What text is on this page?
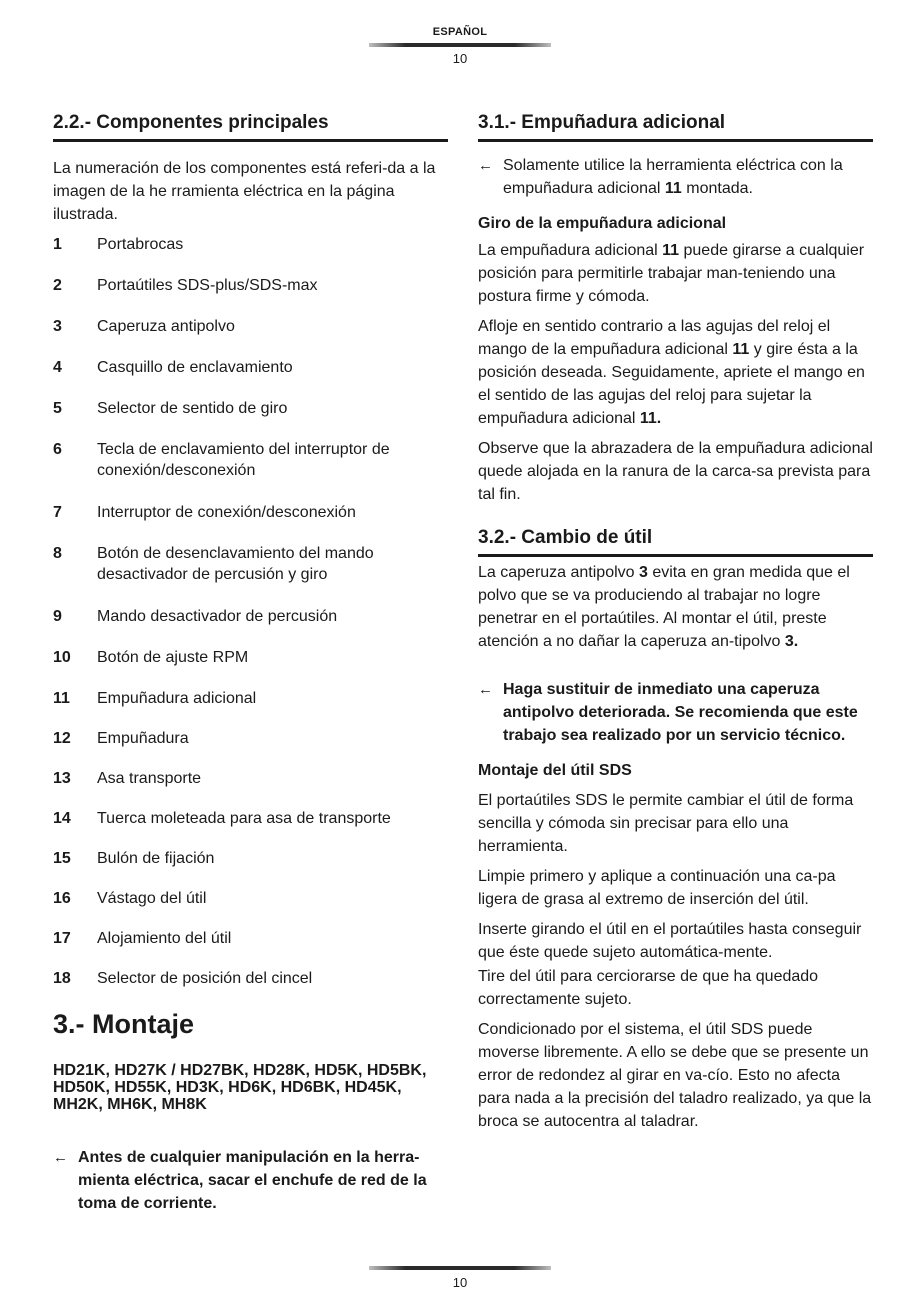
ESPAÑOL
10
2.2.- Componentes principales

La numeración de los componentes está referi-da a la imagen de la he rramienta eléctrica en la página ilustrada.

1	Portabrocas
2	Portaútiles SDS-plus/SDS-max
3	Caperuza antipolvo
4	Casquillo de enclavamiento
5	Selector de sentido de giro
6	Tecla de enclavamiento del interruptor de conexión/desconexión
7	Interruptor de conexión/desconexión
8	Botón de desenclavamiento del mando desactivador de percusión y giro
9	Mando desactivador de percusión
10	Botón de ajuste RPM
11	Empuñadura adicional
12	Empuñadura
13	Asa transporte
14	Tuerca moleteada para asa de transporte
15	Bulón de fijación
16	Vástago del útil
17	Alojamiento del útil
18	Selector de posición del cincel
3.- Montaje
HD21K, HD27K / HD27BK, HD28K, HD5K, HD5BK, HD50K, HD55K, HD3K, HD6K, HD6BK, HD45K, MH2K, MH6K, MH8K
← Antes de cualquier manipulación en la herra-mienta eléctrica, sacar el enchufe de red de la toma de corriente.
3.1.- Empuñadura adicional
← Solamente utilice la herramienta eléctrica con la empuñadura adicional 11 montada.
Giro de la empuñadura adicional

La empuñadura adicional 11 puede girarse a cualquier posición para permitirle trabajar man-teniendo una postura firme y cómoda.

Afloje en sentido contrario a las agujas del reloj el mango de la empuñadura adicional 11 y gire ésta a la posición deseada. Seguidamente, apriete el mango en el sentido de las agujas del reloj para sujetar la empuñadura adicional 11.

Observe que la abrazadera de la empuñadura adicional quede alojada en la ranura de la carca-sa prevista para tal fin.

3.2.- Cambio de útil

La caperuza antipolvo 3 evita en gran medida que el polvo que se va produciendo al trabajar no logre penetrar en el portaútiles. Al montar el útil, preste atención a no dañar la caperuza an-tipolvo 3.

← Haga sustituir de inmediato una caperuza antipolvo deteriorada. Se recomienda que este trabajo sea realizado por un servicio técnico.
Montaje del útil SDS

El portaútiles SDS le permite cambiar el útil de forma sencilla y cómoda sin precisar para ello una herramienta.

Limpie primero y aplique a continuación una ca-pa ligera de grasa al extremo de inserción del útil.

Inserte girando el útil en el portaútiles hasta conseguir que éste quede sujeto automática-mente.

Tire del útil para cerciorarse de que ha quedado correctamente sujeto.

Condicionado por el sistema, el útil SDS puede moverse libremente. A ello se debe que se presente un error de redondez al girar en va-cío. Esto no afecta para nada a la precisión del taladro realizado, ya que la broca se autocentra al taladrar.

10
